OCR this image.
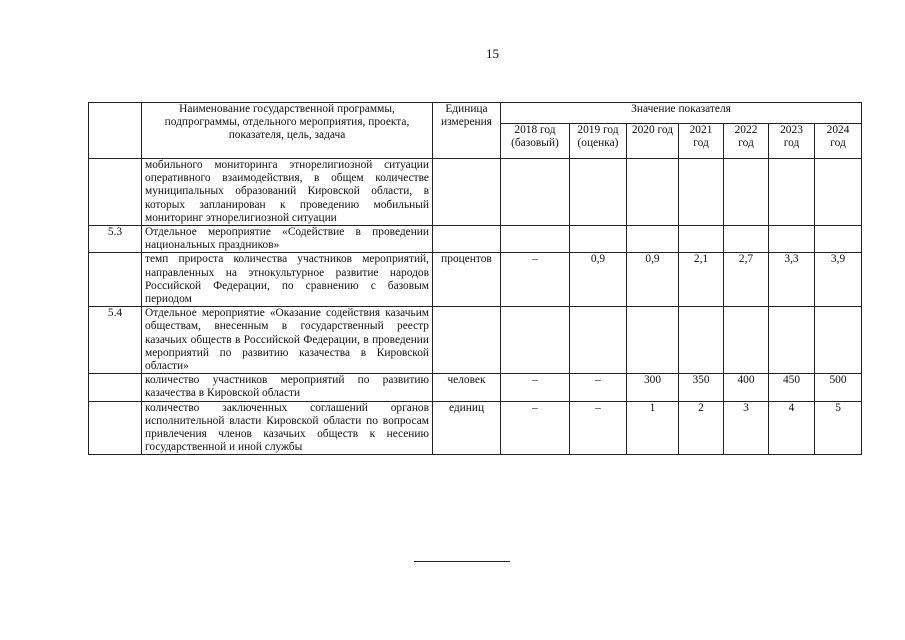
15
	Наименование государственной программы, подпрограммы, отдельного мероприятия, проекта, показателя, цель, задача	Единица измерения	Значение показателя						
			2018 год (базовый)	2019 год (оценка)	2020 год	2021 год	2022 год	2023 год	2024 год
	мобильного мониторинга этнорелигиозной ситуации оперативного взаимодействия, в общем количестве муниципальных образований Кировской области, в которых запланирован к проведению мобильный мониторинг этнорелигиозной ситуации								
5.3	Отдельное мероприятие «Содействие в проведении национальных праздников»								
	темп прироста количества участников мероприятий, направленных на этнокультурное развитие народов Российской Федерации, по сравнению с базовым периодом	процентов	–	0,9	0,9	2,1	2,7	3,3	3,9
5.4	Отдельное мероприятие «Оказание содействия казачьим обществам, внесенным в государственный реестр казачьих обществ в Российской Федерации, в проведении мероприятий по развитию казачества в Кировской области»								
	количество участников мероприятий по развитию казачества в Кировской области	человек	–	–	300	350	400	450	500
	количество заключенных соглашений органов исполнительной власти Кировской области по вопросам привлечения членов казачьих обществ к несению государственной и иной службы	единиц	–	–	1	2	3	4	5
